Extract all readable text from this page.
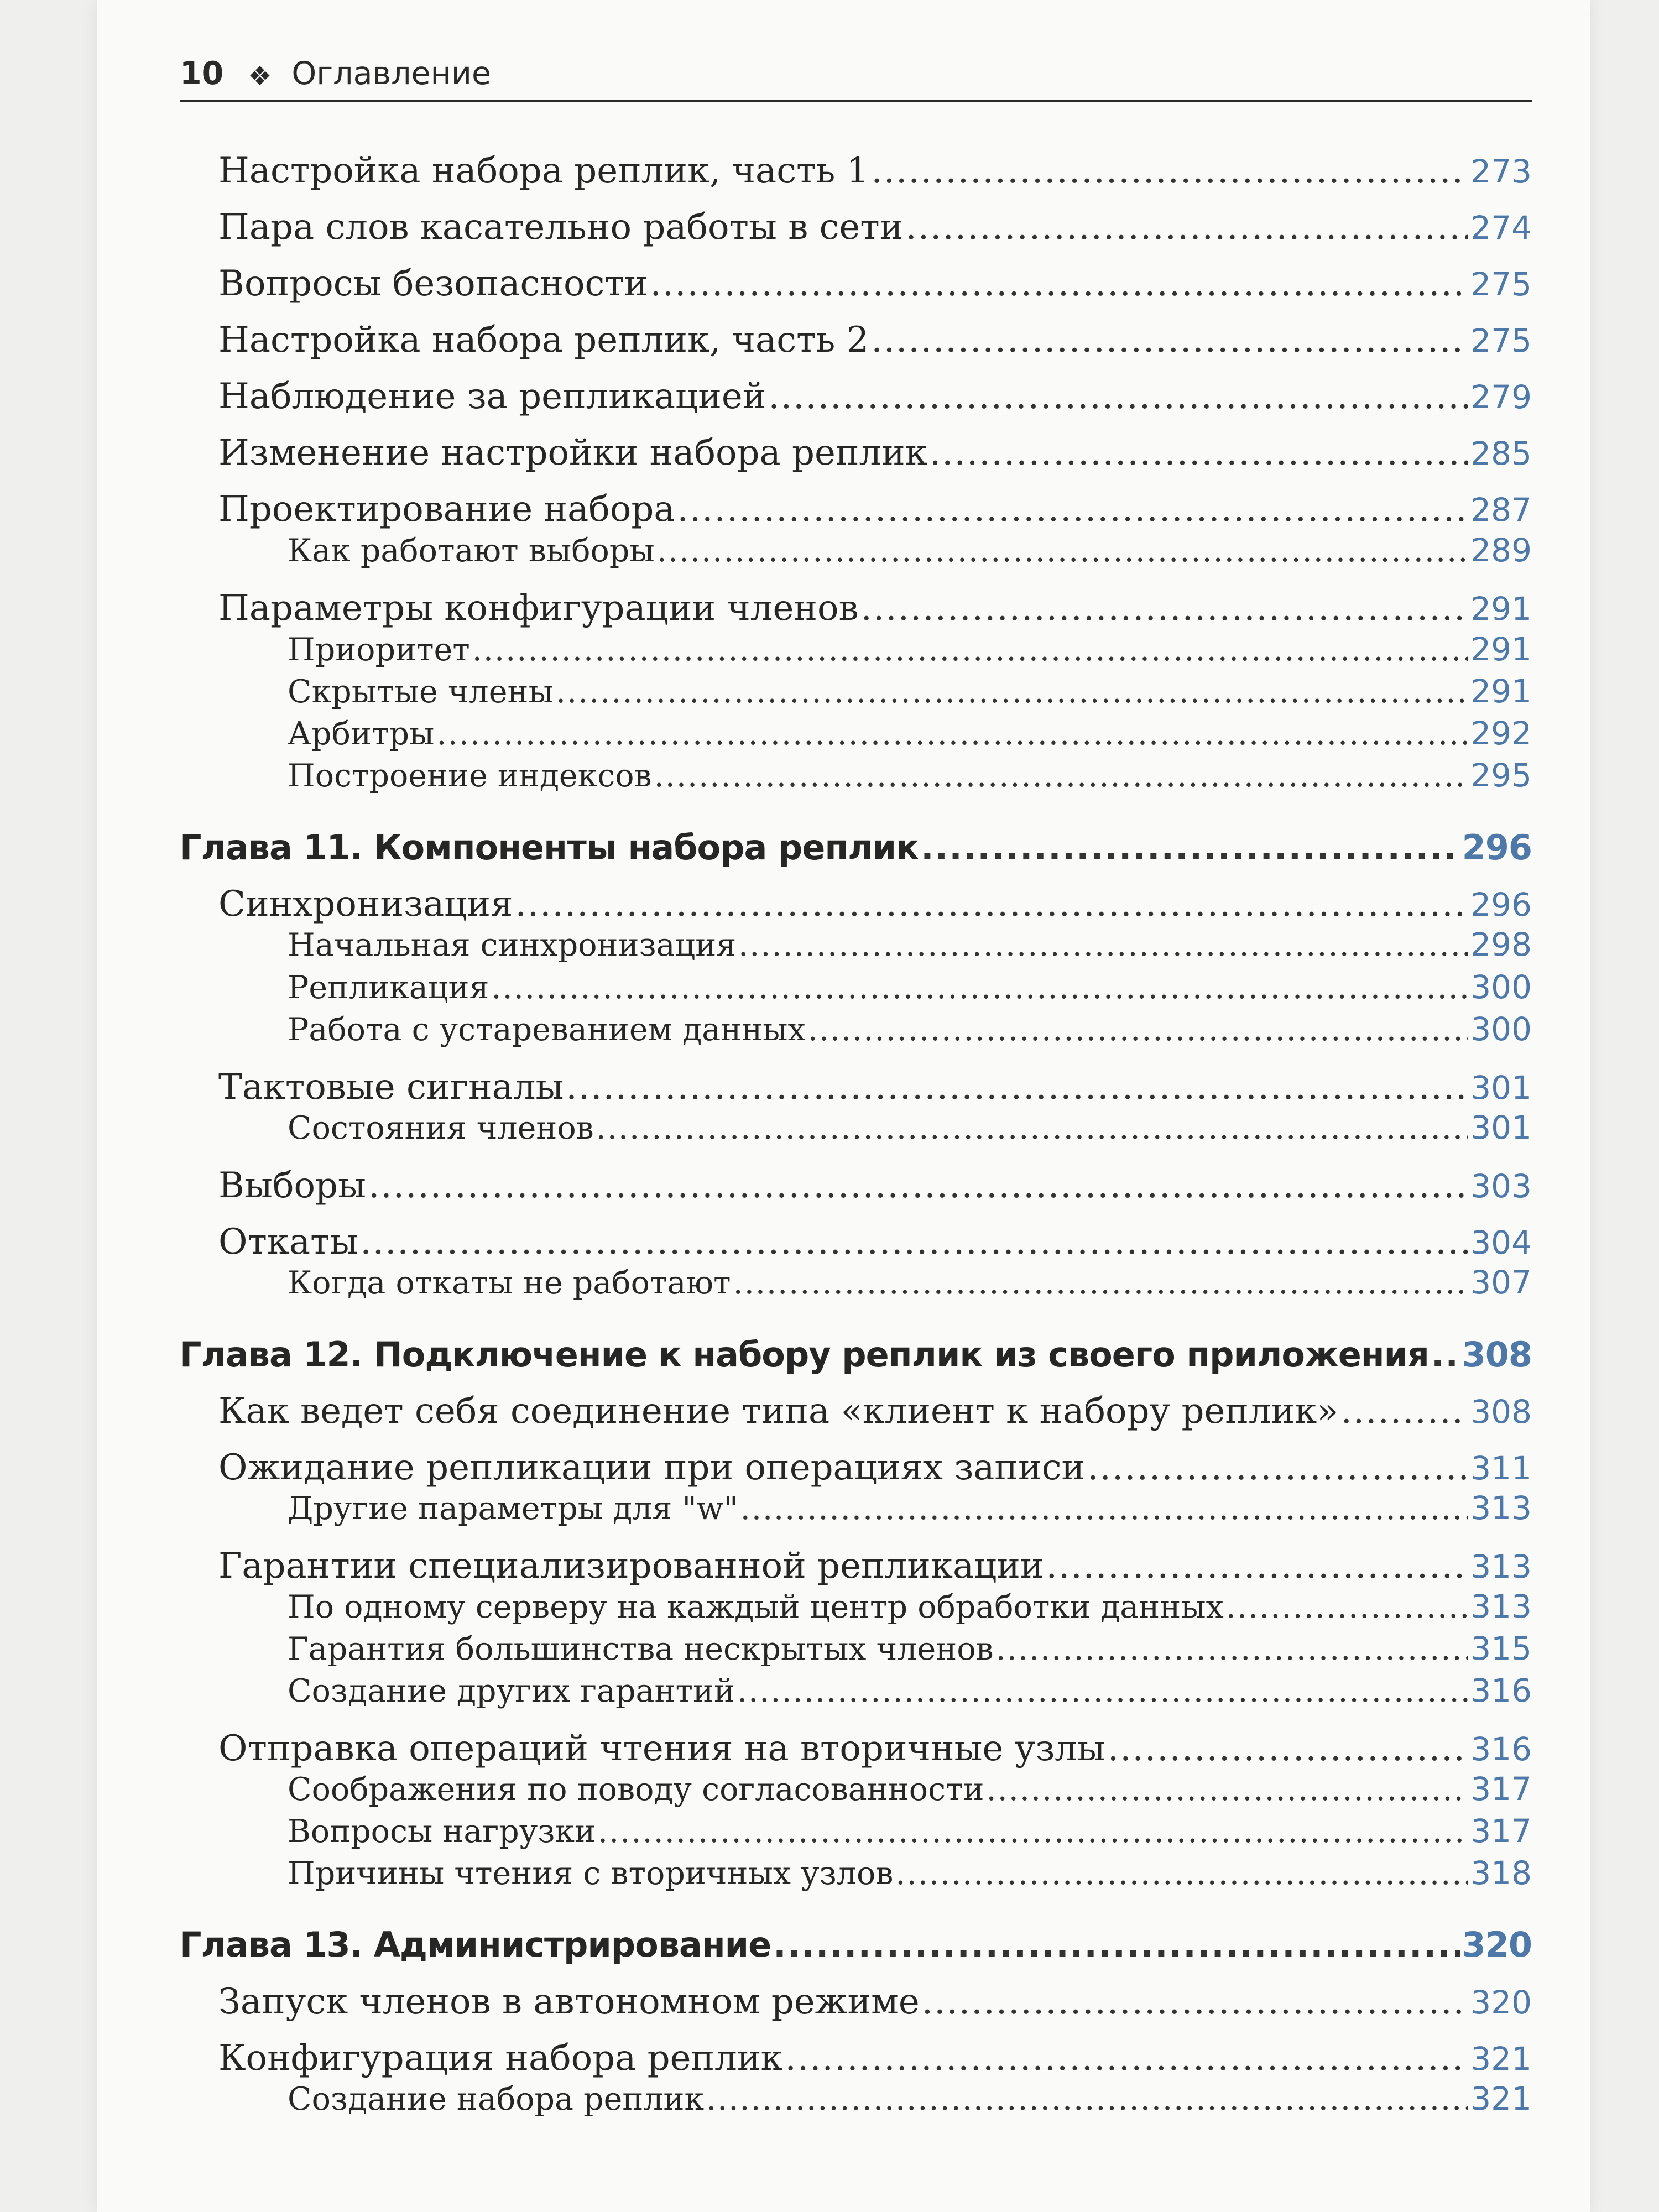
10 ❖ Оглавление
Настройка набора реплик, часть 1 .....	273
Пара слов касательно работы в сети .....	274
Вопросы безопасности .....	275
Настройка набора реплик, часть 2 .....	275
Наблюдение за репликацией .....	279
Изменение настройки набора реплик .....	285
Проектирование набора .....	287
Как работают выборы .....	289
Параметры конфигурации членов .....	291
Приоритет .....	291
Скрытые члены .....	291
Арбитры .....	292
Построение индексов .....	295
Глава 11. Компоненты набора реплик .....	296
Синхронизация .....	296
Начальная синхронизация .....	298
Репликация .....	300
Работа с устареванием данных .....	300
Тактовые сигналы .....	301
Состояния членов .....	301
Выборы .....	303
Откаты .....	304
Когда откаты не работают .....	307
Глава 12. Подключение к набору реплик из своего приложения ..... 308
Как ведет себя соединение типа «клиент к набору реплик» .....	308
Ожидание репликации при операциях записи .....	311
Другие параметры для "w" .....	313
Гарантии специализированной репликации .....	313
По одному серверу на каждый центр обработки данных .....	313
Гарантия большинства нескрытых членов .....	315
Создание других гарантий .....	316
Отправка операций чтения на вторичные узлы .....	316
Соображения по поводу согласованности .....	317
Вопросы нагрузки .....	317
Причины чтения с вторичных узлов .....	318
Глава 13. Администрирование .....	320
Запуск членов в автономном режиме .....	320
Конфигурация набора реплик .....	321
Создание набора реплик .....	321
